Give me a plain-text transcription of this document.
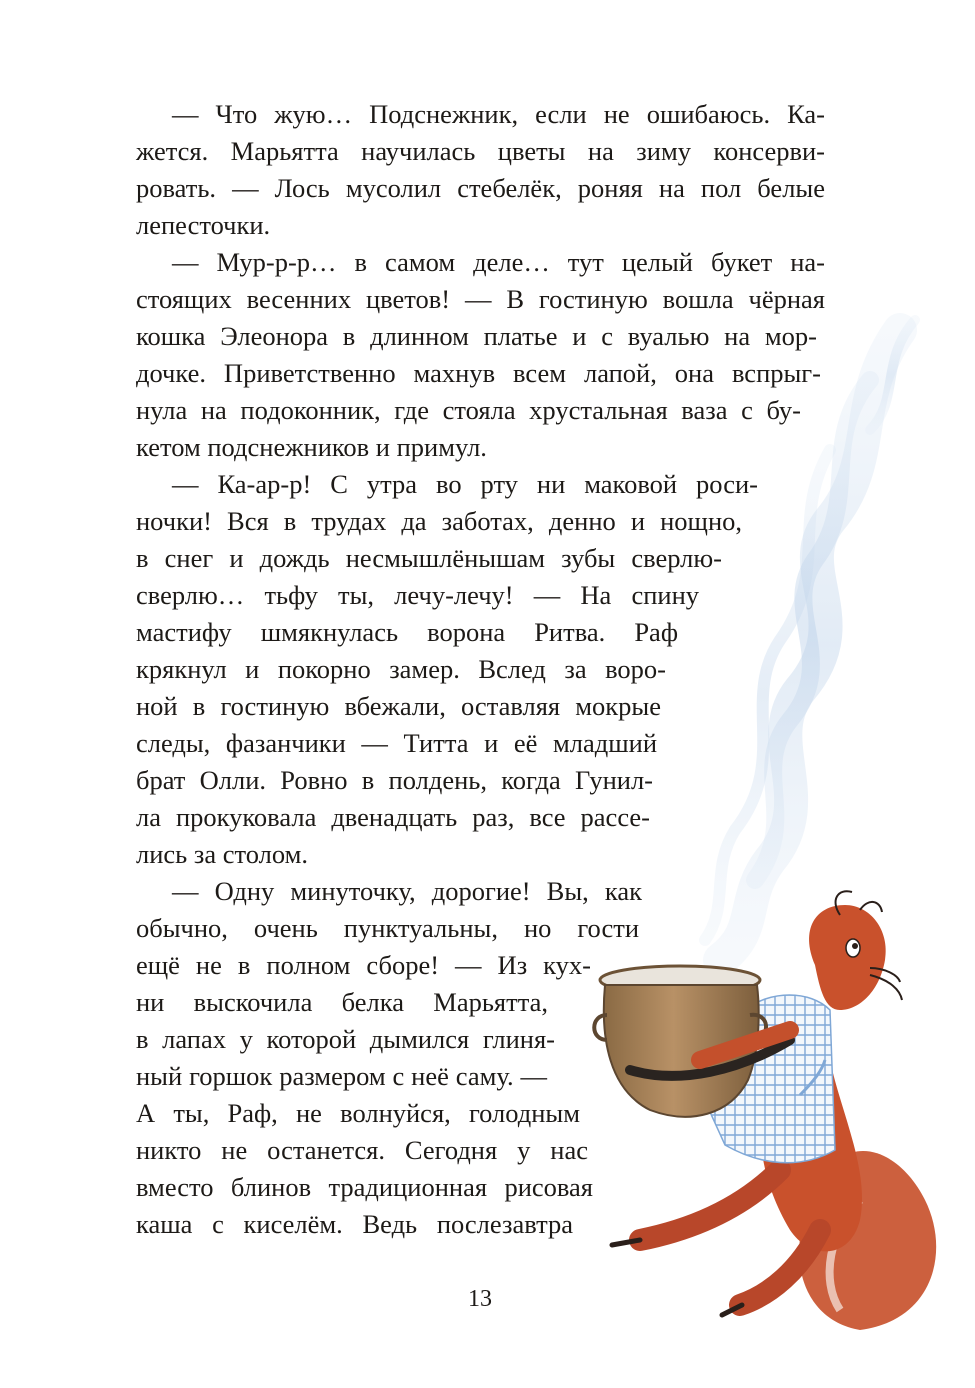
— Что жую… Подснежник, если не ошибаюсь. Ка-
жется. Марьятта научилась цветы на зиму консерви-
ровать. — Лось мусолил стебелёк, роняя на пол белые
лепесточки.
— Мур-р-р… в самом деле… тут целый букет на-
стоящих весенних цветов! — В гостиную вошла чёрная
кошка Элеонора в длинном платье и с вуалью на мор-
дочке. Приветственно махнув всем лапой, она вспрыг-
нула на подоконник, где стояла хрустальная ваза с бу-
кетом подснежников и примул.
— Ка-ар-р! С утра во рту ни маковой роси-
ночки! Вся в трудах да заботах, денно и нощно,
в снег и дождь несмышлёнышам зубы сверлю-
сверлю… тьфу ты, лечу-лечу! — На спину
мастифу шмякнулась ворона Ритва. Раф
крякнул и покорно замер. Вслед за воро-
ной в гостиную вбежали, оставляя мокрые
следы, фазанчики — Титта и её младший
брат Олли. Ровно в полдень, когда Гунил-
ла прокуковала двенадцать раз, все рассе-
лись за столом.
— Одну минуточку, дорогие! Вы, как
обычно, очень пунктуальны, но гости
ещё не в полном сборе! — Из кух-
ни выскочила белка Марьятта,
в лапах у которой дымился глиня-
ный горшок размером с неё саму. —
А ты, Раф, не волнуйся, голодным
никто не останется. Сегодня у нас
вместо блинов традиционная рисовая
каша с киселём. Ведь послезавтра
13
